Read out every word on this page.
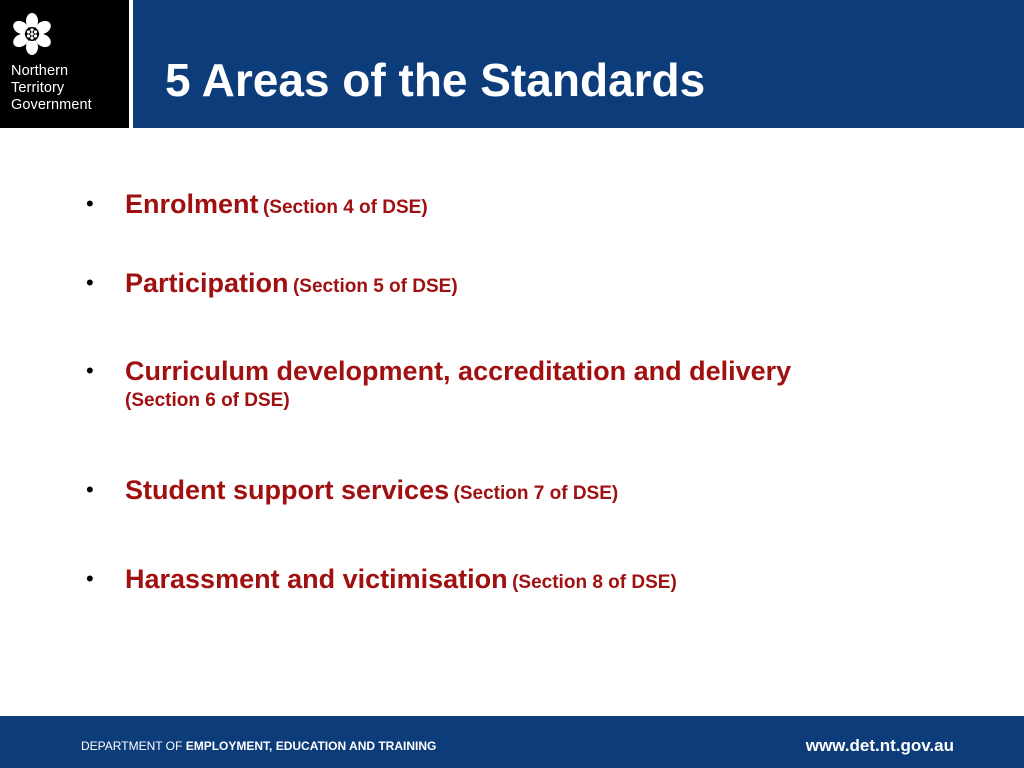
Northern
Territory
Government 5 Areas of the Standards
• Enrolment (Section 4 of DSE)
• Participation (Section 5 of DSE)
• Curriculum development, accreditation and delivery
(Section 6 of DSE)
• Student support services (Section 7 of DSE)
• Harassment and victimisation (Section 8 of DSE)

DEPARTMENT OF EMPLOYMENT, EDUCATION AND TRAINING	www.det.nt.gov.au
